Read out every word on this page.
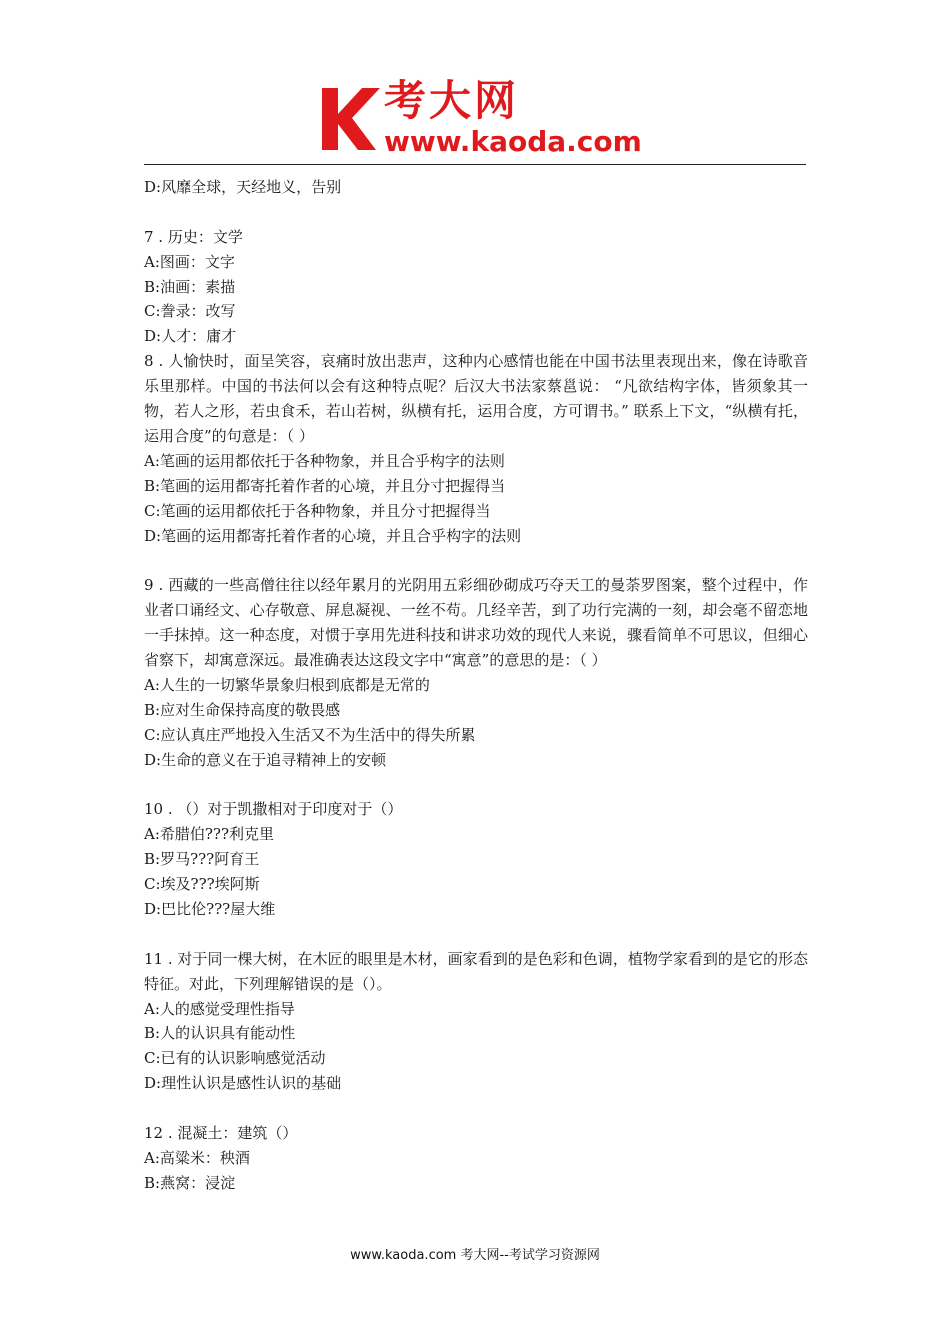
考大网
www.kaoda.com
D:风靡全球，天经地义，告别
7 . 历史：文学
A:图画：文字
B:油画：素描
C:誊录：改写
D:人才：庸才
8 . 人愉快时，面呈笑容，哀痛时放出悲声，这种内心感情也能在中国书法里表现出来，像在诗歌音乐里那样。中国的书法何以会有这种特点呢？后汉大书法家蔡邕说： “凡欲结构字体，皆须象其一物，若人之形，若虫食禾，若山若树，纵横有托，运用合度，方可谓书。” 联系上下文，“纵横有托，运用合度”的句意是：（ ）
A:笔画的运用都依托于各种物象，并且合乎构字的法则
B:笔画的运用都寄托着作者的心境，并且分寸把握得当
C:笔画的运用都依托于各种物象，并且分寸把握得当
D:笔画的运用都寄托着作者的心境，并且合乎构字的法则
9 . 西藏的一些高僧往往以经年累月的光阴用五彩细砂砌成巧夺天工的曼荼罗图案，整个过程中，作业者口诵经文、心存敬意、屏息凝视、一丝不苟。几经辛苦，到了功行完满的一刻，却会毫不留恋地一手抹掉。这一种态度，对惯于享用先进科技和讲求功效的现代人来说，骤看简单不可思议，但细心省察下，却寓意深远。最准确表达这段文字中“寓意”的意思的是：（ ）
A:人生的一切繁华景象归根到底都是无常的
B:应对生命保持高度的敬畏感
C:应认真庄严地投入生活又不为生活中的得失所累
D:生命的意义在于追寻精神上的安顿
10 . （）对于凯撒相对于印度对于（）
A:希腊伯???利克里
B:罗马???阿育王
C:埃及???埃阿斯
D:巴比伦???屋大维
11 . 对于同一棵大树，在木匠的眼里是木材，画家看到的是色彩和色调，植物学家看到的是它的形态特征。对此，下列理解错误的是（）。
A:人的感觉受理性指导
B:人的认识具有能动性
C:已有的认识影响感觉活动
D:理性认识是感性认识的基础
12 . 混凝土：建筑（）
A:高粱米：秧酒
B:燕窝：浸淀
www.kaoda.com 考大网--考试学习资源网
